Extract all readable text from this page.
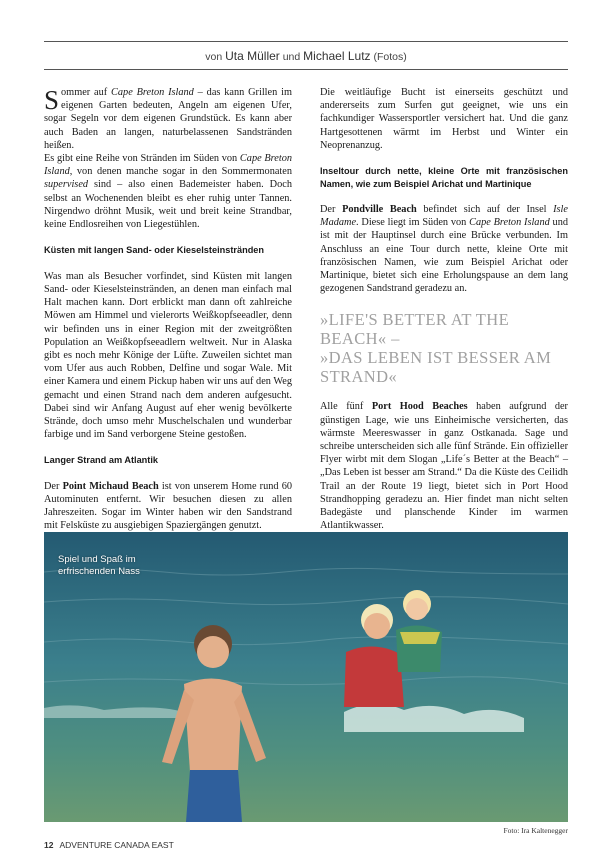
von Uta Müller und Michael Lutz (Fotos)

Sommer auf Cape Breton Island – das kann Grillen im eigenen Garten bedeuten, Angeln am eigenen Ufer, sogar Segeln vor dem eigenen Grundstück. Es kann aber auch Baden an langen, naturbelassenen Sandstränden heißen.
Es gibt eine Reihe von Stränden im Süden von Cape Breton Island, von denen manche sogar in den Sommermonaten supervised sind – also einen Bademeister haben. Doch selbst an Wochenenden bleibt es eher ruhig unter Tannen. Nirgendwo dröhnt Musik, weit und breit keine Strandbar, keine Endlosreihen von Liegestühlen.

Küsten mit langen Sand- oder Kieselsteinstränden

Was man als Besucher vorfindet, sind Küsten mit langen Sand- oder Kieselsteinstränden, an denen man einfach mal Halt machen kann. Dort erblickt man dann oft zahlreiche Möwen am Himmel und vielerorts Weißkopfseeadler, denn wir befinden uns in einer Region mit der zweitgrößten Population an Weißkopfseeadlern weltweit. Nur in Alaska gibt es noch mehr Könige der Lüfte. Zuweilen sichtet man vom Ufer aus auch Robben, Delfine und sogar Wale. Mit einer Kamera und einem Pickup haben wir uns auf den Weg gemacht und einen Strand nach dem anderen aufgesucht. Dabei sind wir Anfang August auf eher wenig bevölkerte Strände, doch umso mehr Muschelschalen und wunderbar farbige und im Sand verborgene Steine gestoßen.

Langer Strand am Atlantik

Der Point Michaud Beach ist von unserem Home rund 60 Autominuten entfernt. Wir besuchen diesen zu allen Jahreszeiten. Sogar im Winter haben wir den Sandstrand mit Felsküste zu ausgiebigen Spaziergängen genutzt.

Die weitläufige Bucht ist einerseits geschützt und andererseits zum Surfen gut geeignet, wie uns ein fachkundiger Wassersportler versichert hat. Und die ganz Hartgesottenen wärmt im Herbst und Winter ein Neoprenanzug.

Inseltour durch nette, kleine Orte mit französischen Namen, wie zum Beispiel Arichat und Martinique

Der Pondville Beach befindet sich auf der Insel Isle Madame. Diese liegt im Süden von Cape Breton Island und ist mit der Hauptinsel durch eine Brücke verbunden. Im Anschluss an eine Tour durch nette, kleine Orte mit französischen Namen, wie zum Beispiel Arichat oder Martinique, bietet sich eine Erholungspause an dem lang gezogenen Sandstrand geradezu an.

»LIFE'S BETTER AT THE BEACH« –
»DAS LEBEN IST BESSER AM STRAND«

Alle fünf Port Hood Beaches haben aufgrund der günstigen Lage, wie uns Einheimische versicherten, das wärmste Meereswasser in ganz Ostkanada. Sage und schreibe unterscheiden sich alle fünf Strände. Ein offizieller Flyer wirbt mit dem Slogan „Life´s Better at the Beach“ – „Das Leben ist besser am Strand.“ Da die Küste des Ceilidh Trail an der Route 19 liegt, bietet sich in Port Hood Strandhopping geradezu an. Hier findet man nicht selten Badegäste und planschende Kinder im warmen Atlantikwasser.

Spiel und Spaß im erfrischenden Nass
Foto: Ira Kaltenegger
12 ADVENTURE CANADA EAST
